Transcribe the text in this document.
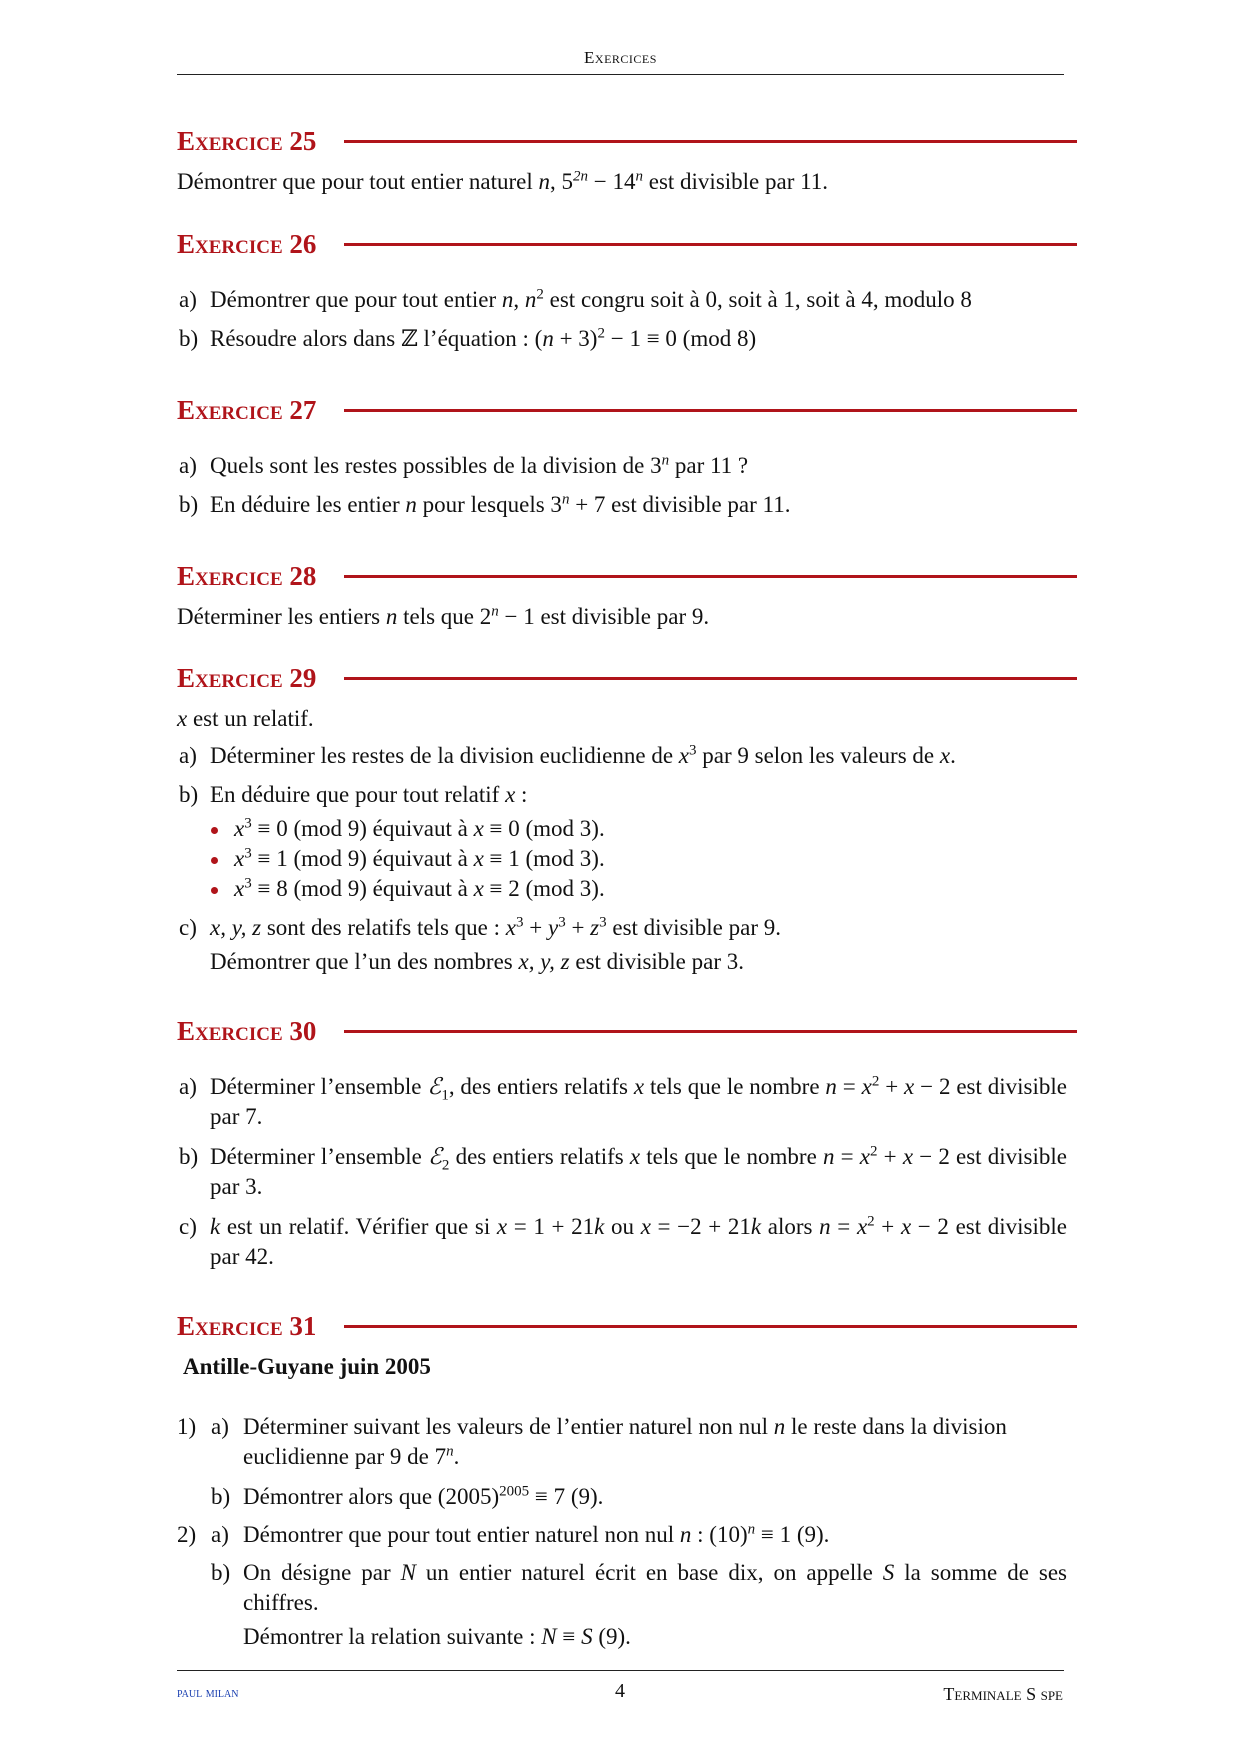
Exercices
Exercice 25
Démontrer que pour tout entier naturel n, $5^{2n} - 14^n$ est divisible par 11.
Exercice 26
a) Démontrer que pour tout entier n, $n^2$ est congru soit à 0, soit à 1, soit à 4, modulo 8
b) Résoudre alors dans ℤ l’équation : $(n + 3)^2 - 1 \equiv 0$ (mod 8)
Exercice 27
a) Quels sont les restes possibles de la division de 3$^n$ par 11 ?
b) En déduire les entier n pour lesquels $3^n + 7$ est divisible par 11.
Exercice 28
Déterminer les entiers n tels que $2^n - 1$ est divisible par 9.
Exercice 29
x est un relatif.
a) Déterminer les restes de la division euclidienne de $x^3$ par 9 selon les valeurs de x.
b) En déduire que pour tout relatif x :
$x^3 \equiv 0$ (mod 9) équivaut à x ≡ 0 (mod 3).
$x^3 \equiv 1$ (mod 9) équivaut à x ≡ 1 (mod 3).
$x^3 \equiv 8$ (mod 9) équivaut à x ≡ 2 (mod 3).
c) x, y, z sont des relatifs tels que : $x^3 + y^3 + z^3$ est divisible par 9.
Démontrer que l’un des nombres x, y, z est divisible par 3.
Exercice 30
a) Déterminer l’ensemble ℰ$_1$, des entiers relatifs x tels que le nombre $n = x^2 + x - 2$ est divisible par 7.
b) Déterminer l’ensemble ℰ$_2$ des entiers relatifs x tels que le nombre $n = x^2 + x - 2$ est divisible par 3.
c) k est un relatif. Vérifier que si x = 1 + 21k ou x = −2 + 21k alors $n = x^2 + x - 2$ est divisible par 42.
Exercice 31
Antille-Guyane juin 2005
1) a) Déterminer suivant les valeurs de l’entier naturel non nul n le reste dans la division euclidienne par 9 de 7$^n$.
b) Démontrer alors que $(2005)^{2005} \equiv 7$ (9).
2) a) Démontrer que pour tout entier naturel non nul n : $(10)^n \equiv 1$ (9).
b) On désigne par N un entier naturel écrit en base dix, on appelle S la somme de ses chiffres.
Démontrer la relation suivante : N ≡ S (9).
paul milan	4	Terminale S spe
